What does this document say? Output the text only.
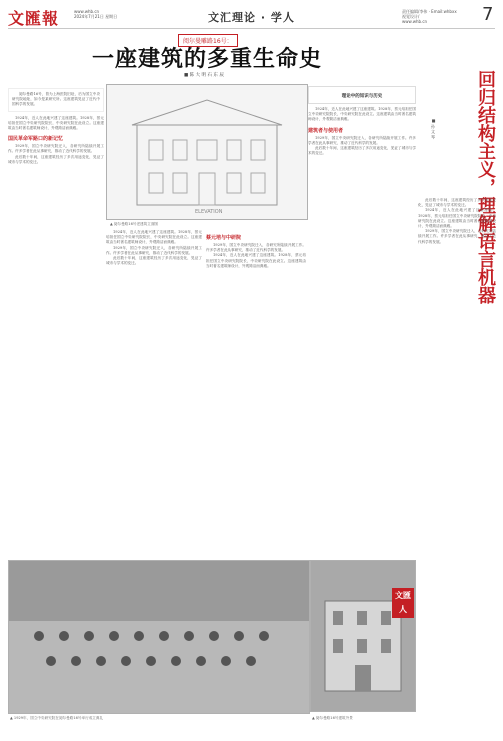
文匯報	www.whb.cn
2024年7月21日 星期日	文汇理论 · 学人	责任编辑/李伟 · Email:whbxx
视觉设计/
www.whb.cn	7
阅尔曼雕路16号：
一座建筑的多重生命史
■ 陈 大 明 石 东 辰
阅尔曼路16号，曾为上海医院旧址，后为国立中央研究院地址，如今是某研究所。这座建筑见证了近代中国科学的发展。
1924年，近人在此地兴建了这座建筑。1928年，蔡元培担任国立中央研究院院长，中央研究院在此设立。这座建筑由当时著名建筑师设计，外观简洁而典雅。
国民革命军路口的新记忆
1929年，国立中央研究院迁入，各研究所陆续开展工作。许多学者在此从事研究，推动了近代科学的发展。
此后数十年间，这座建筑经历了多次用途变化，见证了城市与学术的变迁。
ELEVATION
▲ 阅尔曼路16号老建筑立面图
1924年，近人在此地兴建了这座建筑。1928年，蔡元培担任国立中央研究院院长，中央研究院在此设立。这座建筑由当时著名建筑师设计，外观简洁而典雅。
1929年，国立中央研究院迁入，各研究所陆续开展工作。许多学者在此从事研究，推动了近代科学的发展。
此后数十年间，这座建筑经历了多次用途变化，见证了城市与学术的变迁。
蔡元培与中研院
1929年，国立中央研究院迁入，各研究所陆续开展工作。许多学者在此从事研究，推动了近代科学的发展。
1924年，近人在此地兴建了这座建筑。1928年，蔡元培担任国立中央研究院院长，中央研究院在此设立。这座建筑由当时著名建筑师设计，外观简洁而典雅。
理论中的知识与历史
1924年，近人在此地兴建了这座建筑。1928年，蔡元培担任国立中央研究院院长，中央研究院在此设立。这座建筑由当时著名建筑师设计，外观简洁而典雅。
建筑者与使用者
1929年，国立中央研究院迁入，各研究所陆续开展工作。许多学者在此从事研究，推动了近代科学的发展。
此后数十年间，这座建筑经历了多次用途变化，见证了城市与学术的变迁。
▲ 1929年，国立中央研究院在阅尔曼路16号举行成立典礼	▲ 阅尔曼路16号建筑外景
文匯 人
回归结构主义，理解语言机器
■ 孙 文 琴
此后数十年间，这座建筑经历了多次用途变化，见证了城市与学术的变迁。
1924年，近人在此地兴建了这座建筑。1928年，蔡元培担任国立中央研究院院长，中央研究院在此设立。这座建筑由当时著名建筑师设计，外观简洁而典雅。
1929年，国立中央研究院迁入，各研究所陆续开展工作。许多学者在此从事研究，推动了近代科学的发展。
